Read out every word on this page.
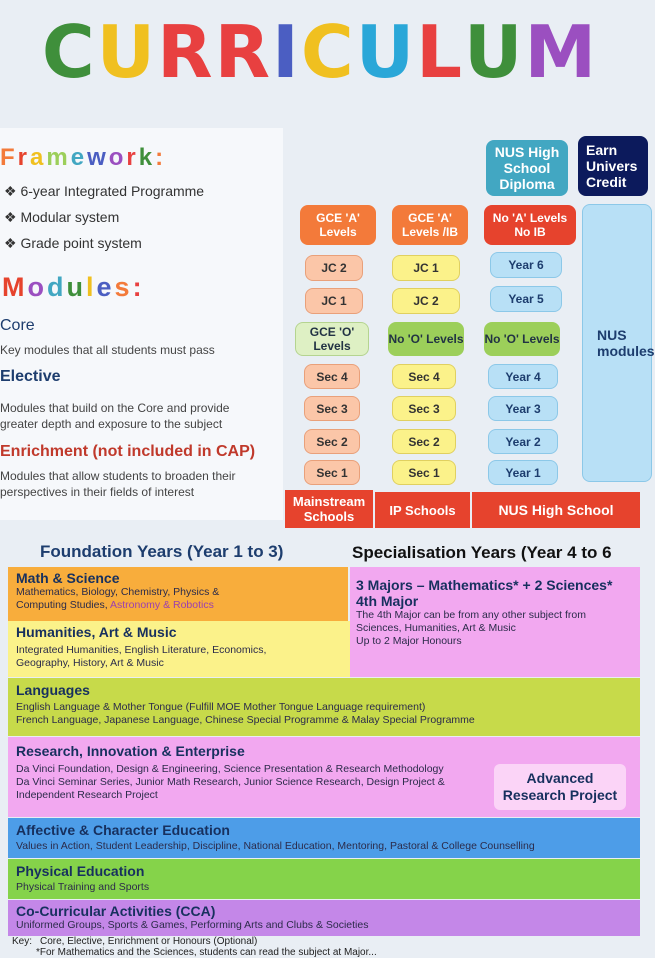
CURRICULUM
Framework:
❖ 6-year Integrated Programme
❖ Modular system
❖ Grade point system
Modules:
Core
Key modules that all students must pass
Elective
Modules that build on the Core and provide greater depth and exposure to the subject
Enrichment (not included in CAP)
Modules that allow students to broaden their perspectives in their fields of interest
GCE 'A' Levels
JC 2
JC 1
GCE 'O' Levels
Sec 4
Sec 3
Sec 2
Sec 1
Mainstream Schools
GCE 'A' Levels /IB
JC 1
JC 2
No 'O' Levels
Sec 4
Sec 3
Sec 2
Sec 1
IP Schools
NUS High School Diploma
No 'A' Levels No IB
Year 6
Year 5
No 'O' Levels
Year 4
Year 3
Year 2
Year 1
NUS High School
Earn Univers Credit
NUS modules
Foundation Years (Year 1 to 3)	Specialisation Years (Year 4 to 6
Math & Science
Mathematics, Biology, Chemistry, Physics &
Computing Studies, Astronomy & Robotics
Humanities, Art & Music
Integrated Humanities, English Literature, Economics,
Geography, History, Art & Music
3 Majors – Mathematics* + 2 Sciences*
4th Major
The 4th Major can be from any other subject from
Sciences, Humanities, Art & Music
Up to 2 Major Honours
Languages
English Language & Mother Tongue (Fulfill MOE Mother Tongue Language requirement)
French Language, Japanese Language, Chinese Special Programme & Malay Special Programme
Research, Innovation & Enterprise
Da Vinci Foundation, Design & Engineering, Science Presentation & Research Methodology
Da Vinci Seminar Series, Junior Math Research, Junior Science Research, Design Project &
Independent Research Project
Advanced Research Project
Affective & Character Education
Values in Action, Student Leadership, Discipline, National Education, Mentoring, Pastoral & College Counselling
Physical Education
Physical Training and Sports
Co-Curricular Activities (CCA)
Uniformed Groups, Sports & Games, Performing Arts and Clubs & Societies
Key: Core, Elective, Enrichment or Honours (Optional)
*For Mathematics and the Sciences, students can read the subject at Major...
